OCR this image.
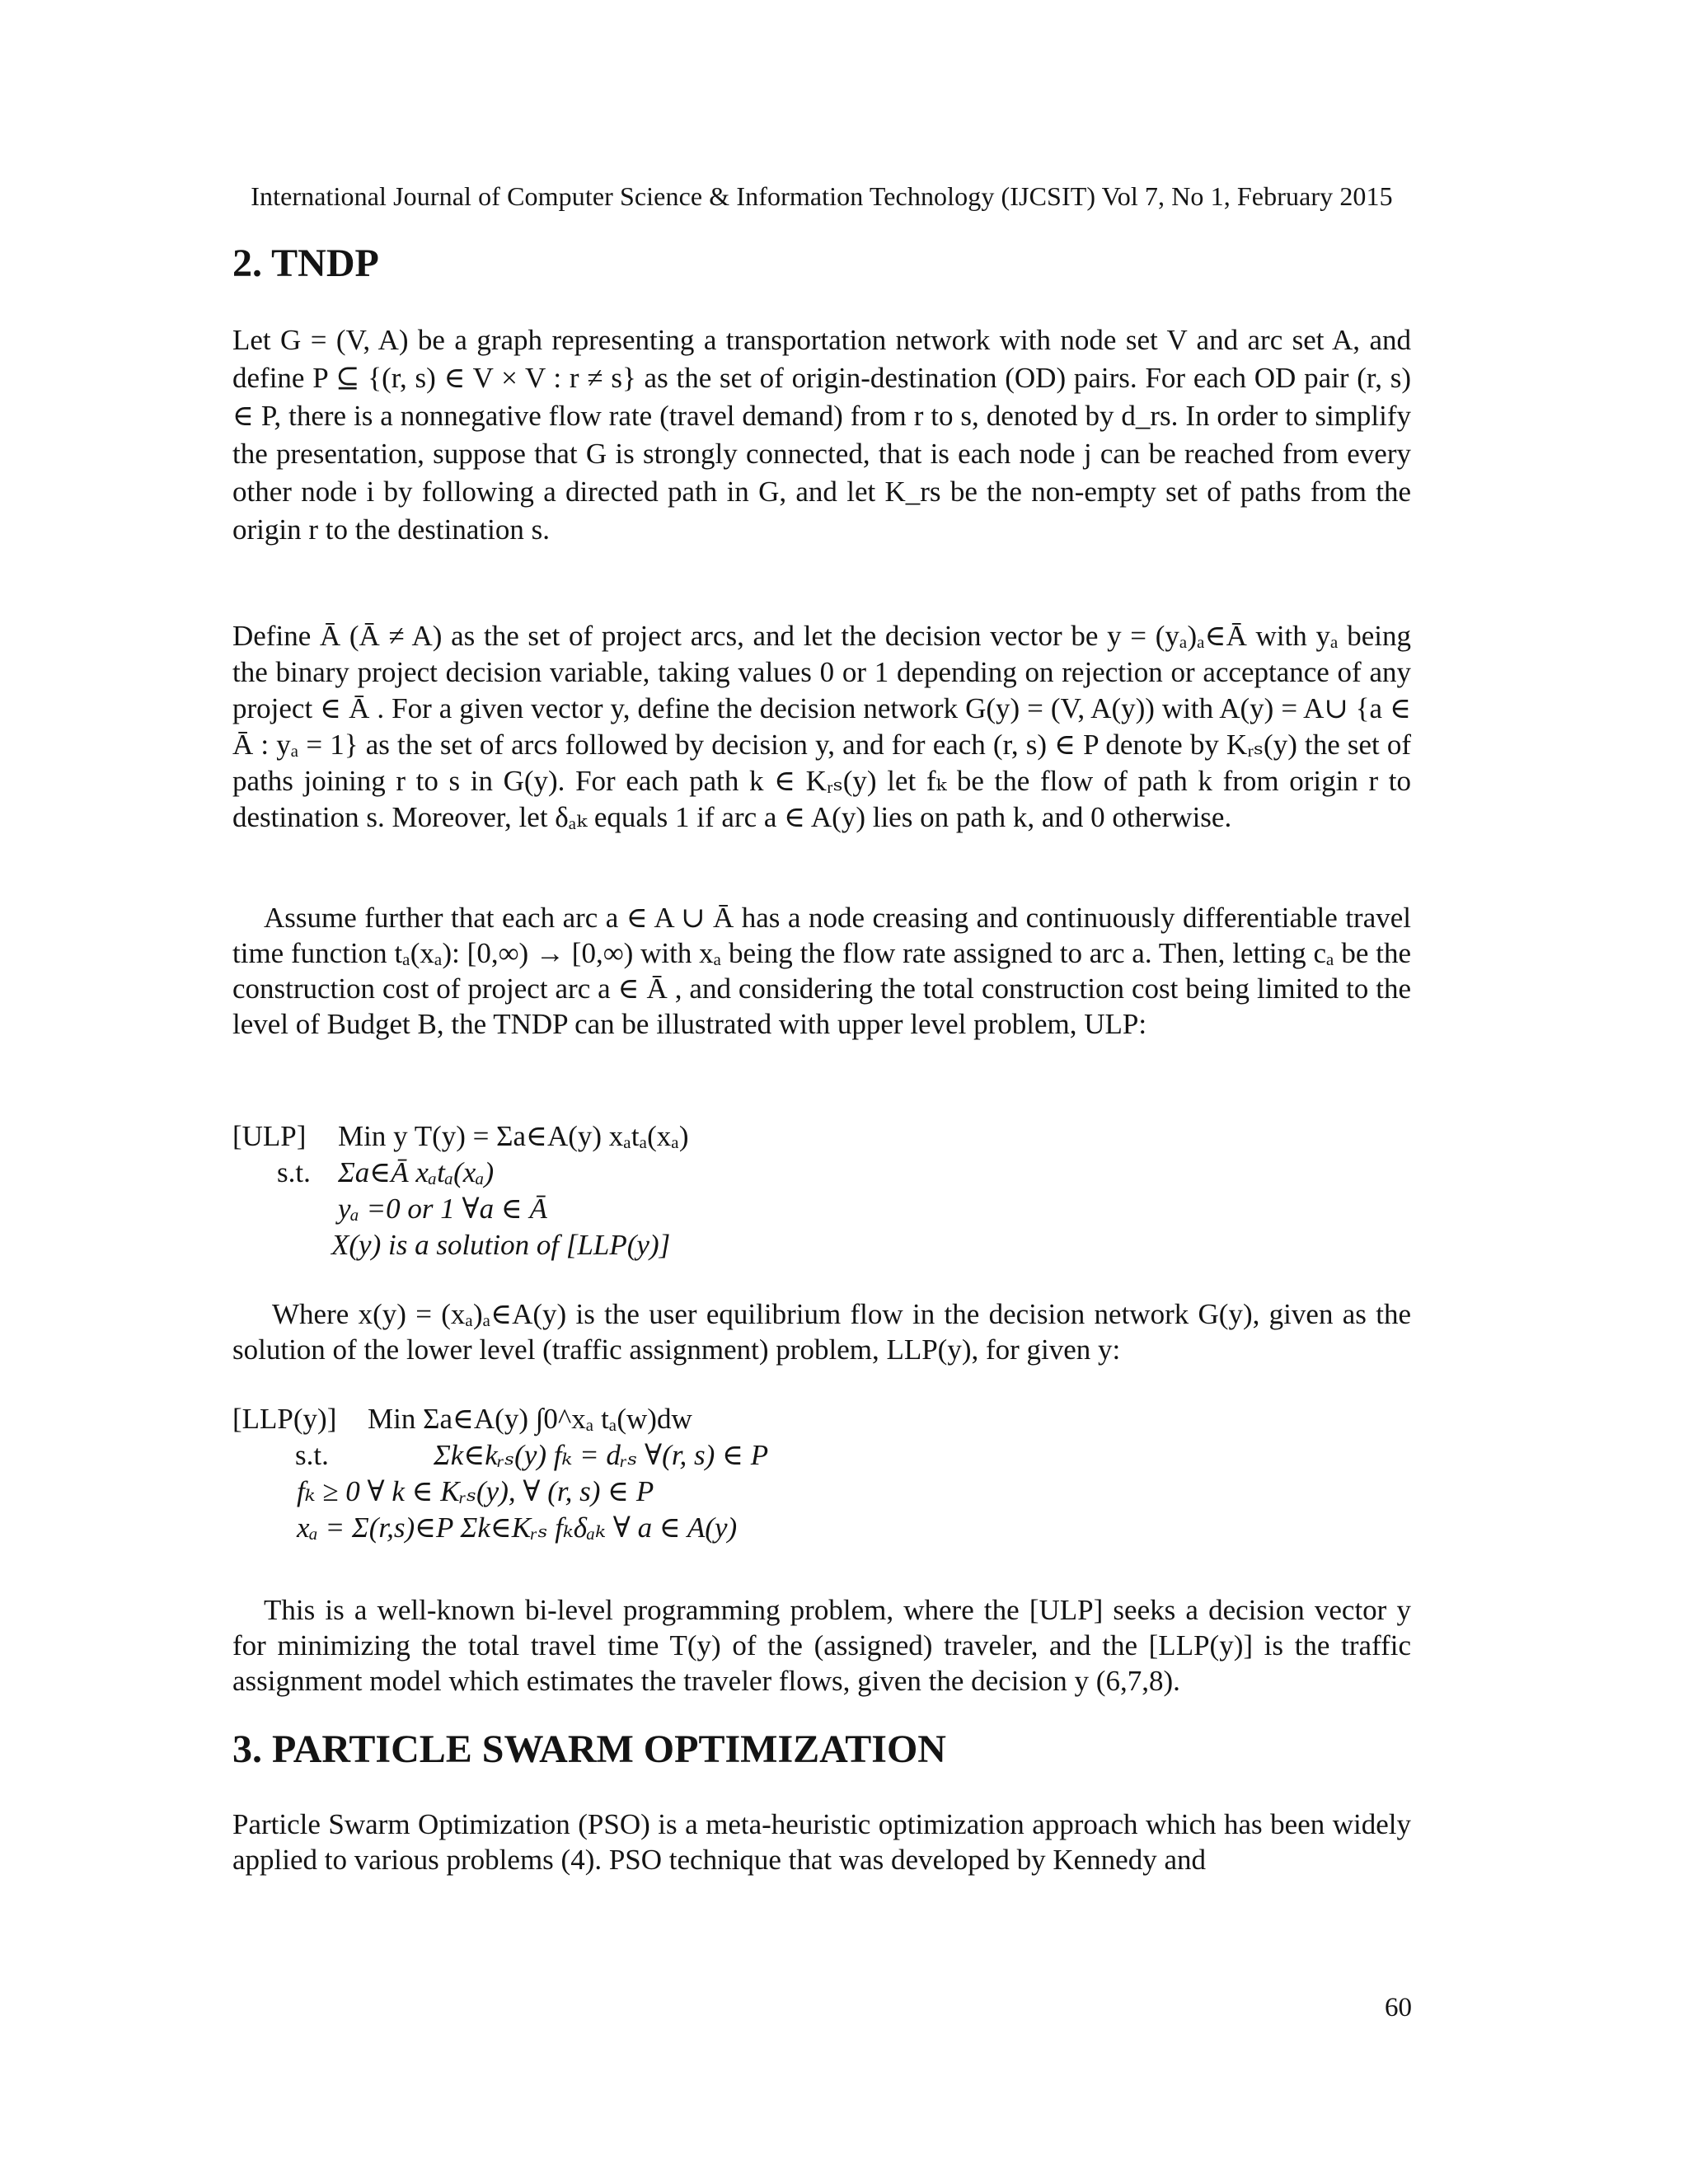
International Journal of Computer Science & Information Technology (IJCSIT) Vol 7, No 1, February 2015
2. TNDP
Let G = (V, A) be a graph representing a transportation network with node set V and arc set A, and define P ⊆ {(r, s) ∈ V × V : r ≠ s} as the set of origin-destination (OD) pairs. For each OD pair (r, s) ∈ P, there is a nonnegative flow rate (travel demand) from r to s, denoted by d_rs. In order to simplify the presentation, suppose that G is strongly connected, that is each node j can be reached from every other node i by following a directed path in G, and let K_rs be the non-empty set of paths from the origin r to the destination s.
Define Ā (Ā ≠ A) as the set of project arcs, and let the decision vector be y = (yₐ)ₐ∈Ā with yₐ being the binary project decision variable, taking values 0 or 1 depending on rejection or acceptance of any project ∈ Ā . For a given vector y, define the decision network G(y) = (V, A(y)) with A(y) = A∪ {a ∈ Ā : yₐ = 1} as the set of arcs followed by decision y, and for each (r, s) ∈ P denote by Kᵣₛ(y) the set of paths joining r to s in G(y). For each path k ∈ Kᵣₛ(y) let fₖ be the flow of path k from origin r to destination s. Moreover, let δₐₖ equals 1 if arc a ∈ A(y) lies on path k, and 0 otherwise.
Assume further that each arc a ∈ A ∪ Ā has a node creasing and continuously differentiable travel time function tₐ(xₐ): [0,∞) → [0,∞) with xₐ being the flow rate assigned to arc a. Then, letting cₐ be the construction cost of project arc a ∈ Ā , and considering the total construction cost being limited to the level of Budget B, the TNDP can be illustrated with upper level problem, ULP:
[ULP] Min y T(y) = Σa∈A(y) xₐtₐ(xₐ)
s.t. Σa∈Ā xₐtₐ(xₐ)
yₐ =0 or 1 ∀a ∈ Ā
X(y) is a solution of [LLP(y)]
Where x(y) = (xₐ)ₐ∈A(y) is the user equilibrium flow in the decision network G(y), given as the solution of the lower level (traffic assignment) problem, LLP(y), for given y:
[LLP(y)] Min Σa∈A(y) ∫0^xₐ tₐ(w)dw
s.t.	Σk∈kᵣₛ(y) fₖ = dᵣₛ ∀(r, s) ∈ P
fₖ ≥ 0 ∀ k ∈ Kᵣₛ(y), ∀ (r, s) ∈ P
xₐ = Σ(r,s)∈P Σk∈Kᵣₛ fₖδₐₖ ∀ a ∈ A(y)
This is a well-known bi-level programming problem, where the [ULP] seeks a decision vector y for minimizing the total travel time T(y) of the (assigned) traveler, and the [LLP(y)] is the traffic assignment model which estimates the traveler flows, given the decision y (6,7,8).
3. PARTICLE SWARM OPTIMIZATION
Particle Swarm Optimization (PSO) is a meta-heuristic optimization approach which has been widely applied to various problems (4). PSO technique that was developed by Kennedy and
60
